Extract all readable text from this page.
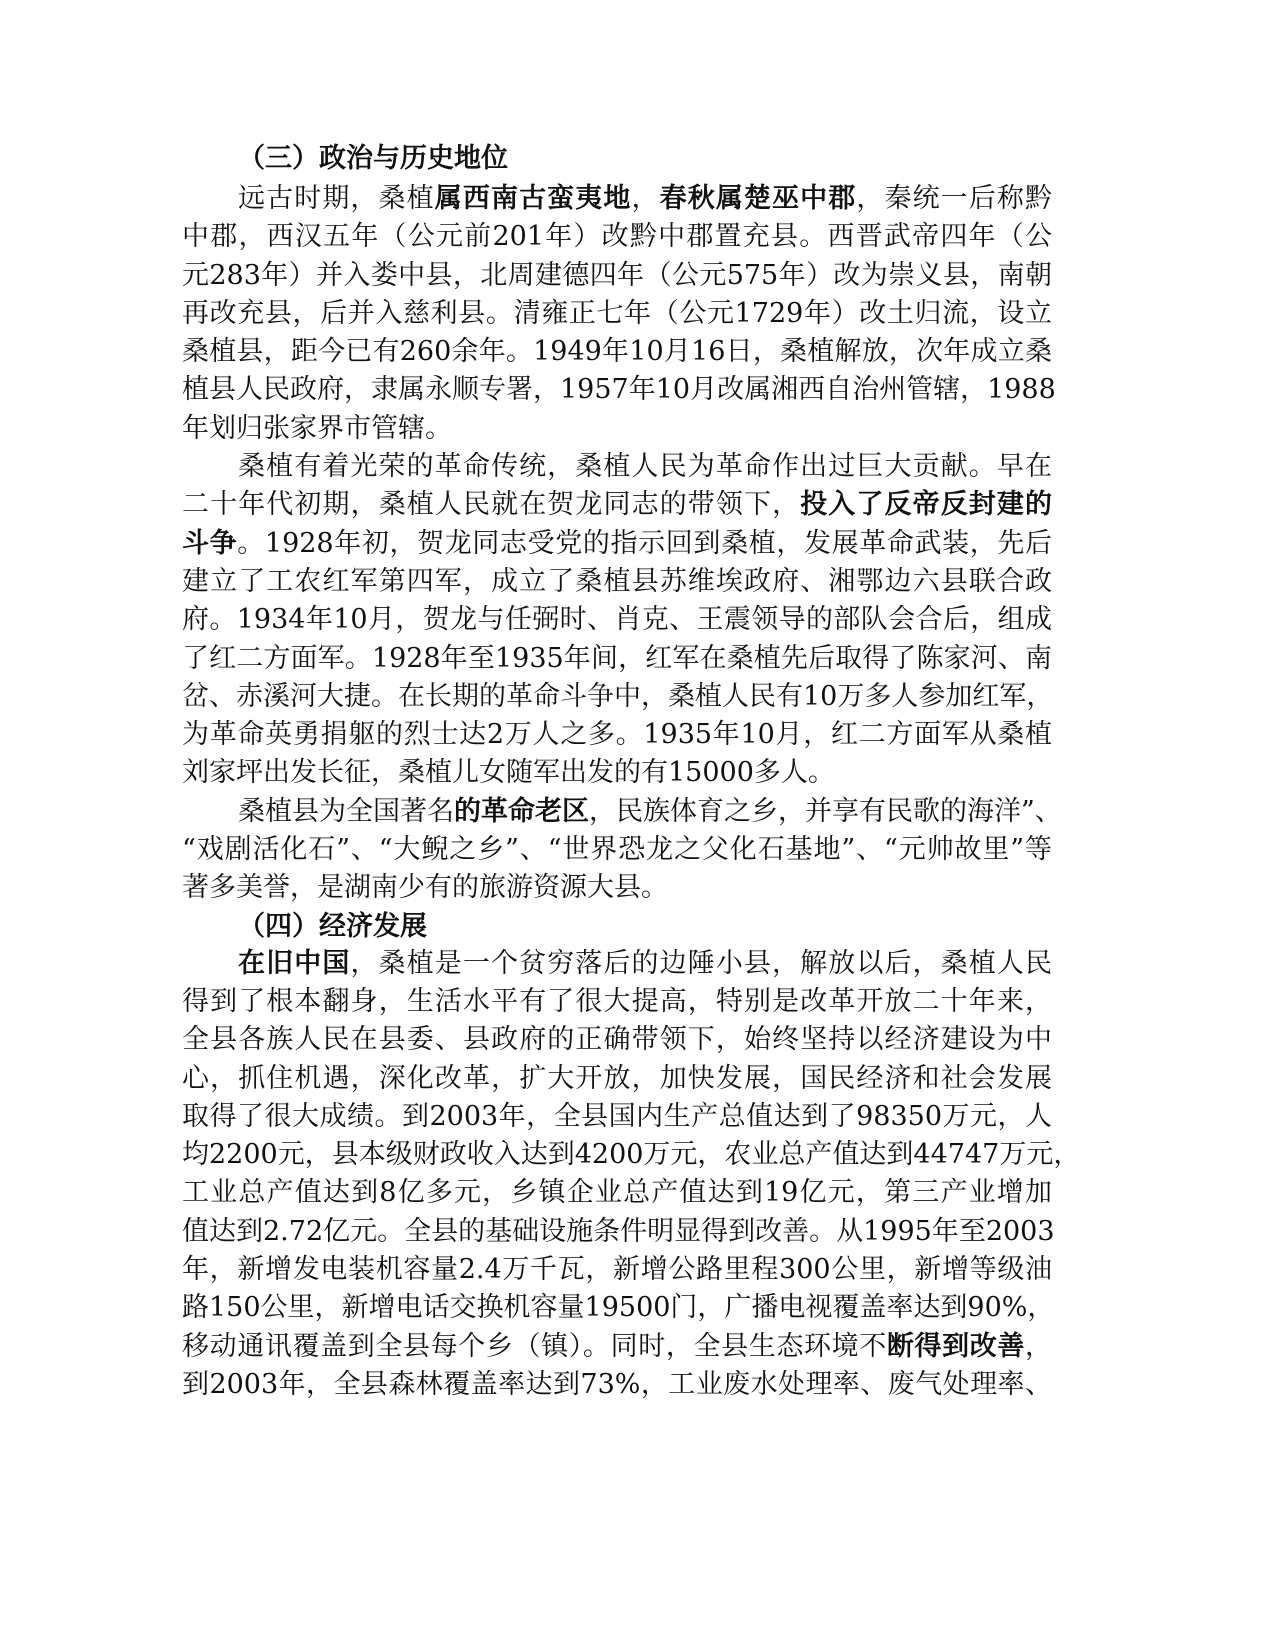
（三）政治与历史地位

远古时期，桑植属西南古蛮夷地，春秋属楚巫中郡，秦统一后称黔
中郡，西汉五年（公元前201年）改黔中郡置充县。西晋武帝四年（公
元283年）并入娄中县，北周建德四年（公元575年）改为崇义县，南朝
再改充县，后并入慈利县。清雍正七年（公元1729年）改土归流，设立
桑植县，距今已有260余年。1949年10月16日，桑植解放，次年成立桑
植县人民政府，隶属永顺专署，1957年10月改属湘西自治州管辖，1988
年划归张家界市管辖。

桑植有着光荣的革命传统，桑植人民为革命作出过巨大贡献。早在
二十年代初期，桑植人民就在贺龙同志的带领下，投入了反帝反封建的
斗争。1928年初，贺龙同志受党的指示回到桑植，发展革命武装，先后
建立了工农红军第四军，成立了桑植县苏维埃政府、湘鄂边六县联合政
府。1934年10月，贺龙与任弼时、肖克、王震领导的部队会合后，组成
了红二方面军。1928年至1935年间，红军在桑植先后取得了陈家河、南
岔、赤溪河大捷。在长期的革命斗争中，桑植人民有10万多人参加红军，
为革命英勇捐躯的烈士达2万人之多。1935年10月，红二方面军从桑植
刘家坪出发长征，桑植儿女随军出发的有15000多人。

桑植县为全国著名的革命老区，民族体育之乡，并享有民歌的海洋”、
“戏剧活化石”、“大鲵之乡”、“世界恐龙之父化石基地”、“元帅故里”等
著多美誉，是湖南少有的旅游资源大县。

（四）经济发展

在旧中国，桑植是一个贫穷落后的边陲小县，解放以后，桑植人民
得到了根本翻身，生活水平有了很大提高，特别是改革开放二十年来，
全县各族人民在县委、县政府的正确带领下，始终坚持以经济建设为中
心，抓住机遇，深化改革，扩大开放，加快发展，国民经济和社会发展
取得了很大成绩。到2003年，全县国内生产总值达到了98350万元，人
均2200元，县本级财政收入达到4200万元，农业总产值达到44747万元，
工业总产值达到8亿多元，乡镇企业总产值达到19亿元，第三产业增加
值达到2.72亿元。全县的基础设施条件明显得到改善。从1995年至2003
年，新增发电装机容量2.4万千瓦，新增公路里程300公里，新增等级油
路150公里，新增电话交换机容量19500门，广播电视覆盖率达到90%，
移动通讯覆盖到全县每个乡（镇）。同时，全县生态环境不断得到改善，
到2003年，全县森林覆盖率达到73%，工业废水处理率、废气处理率、
